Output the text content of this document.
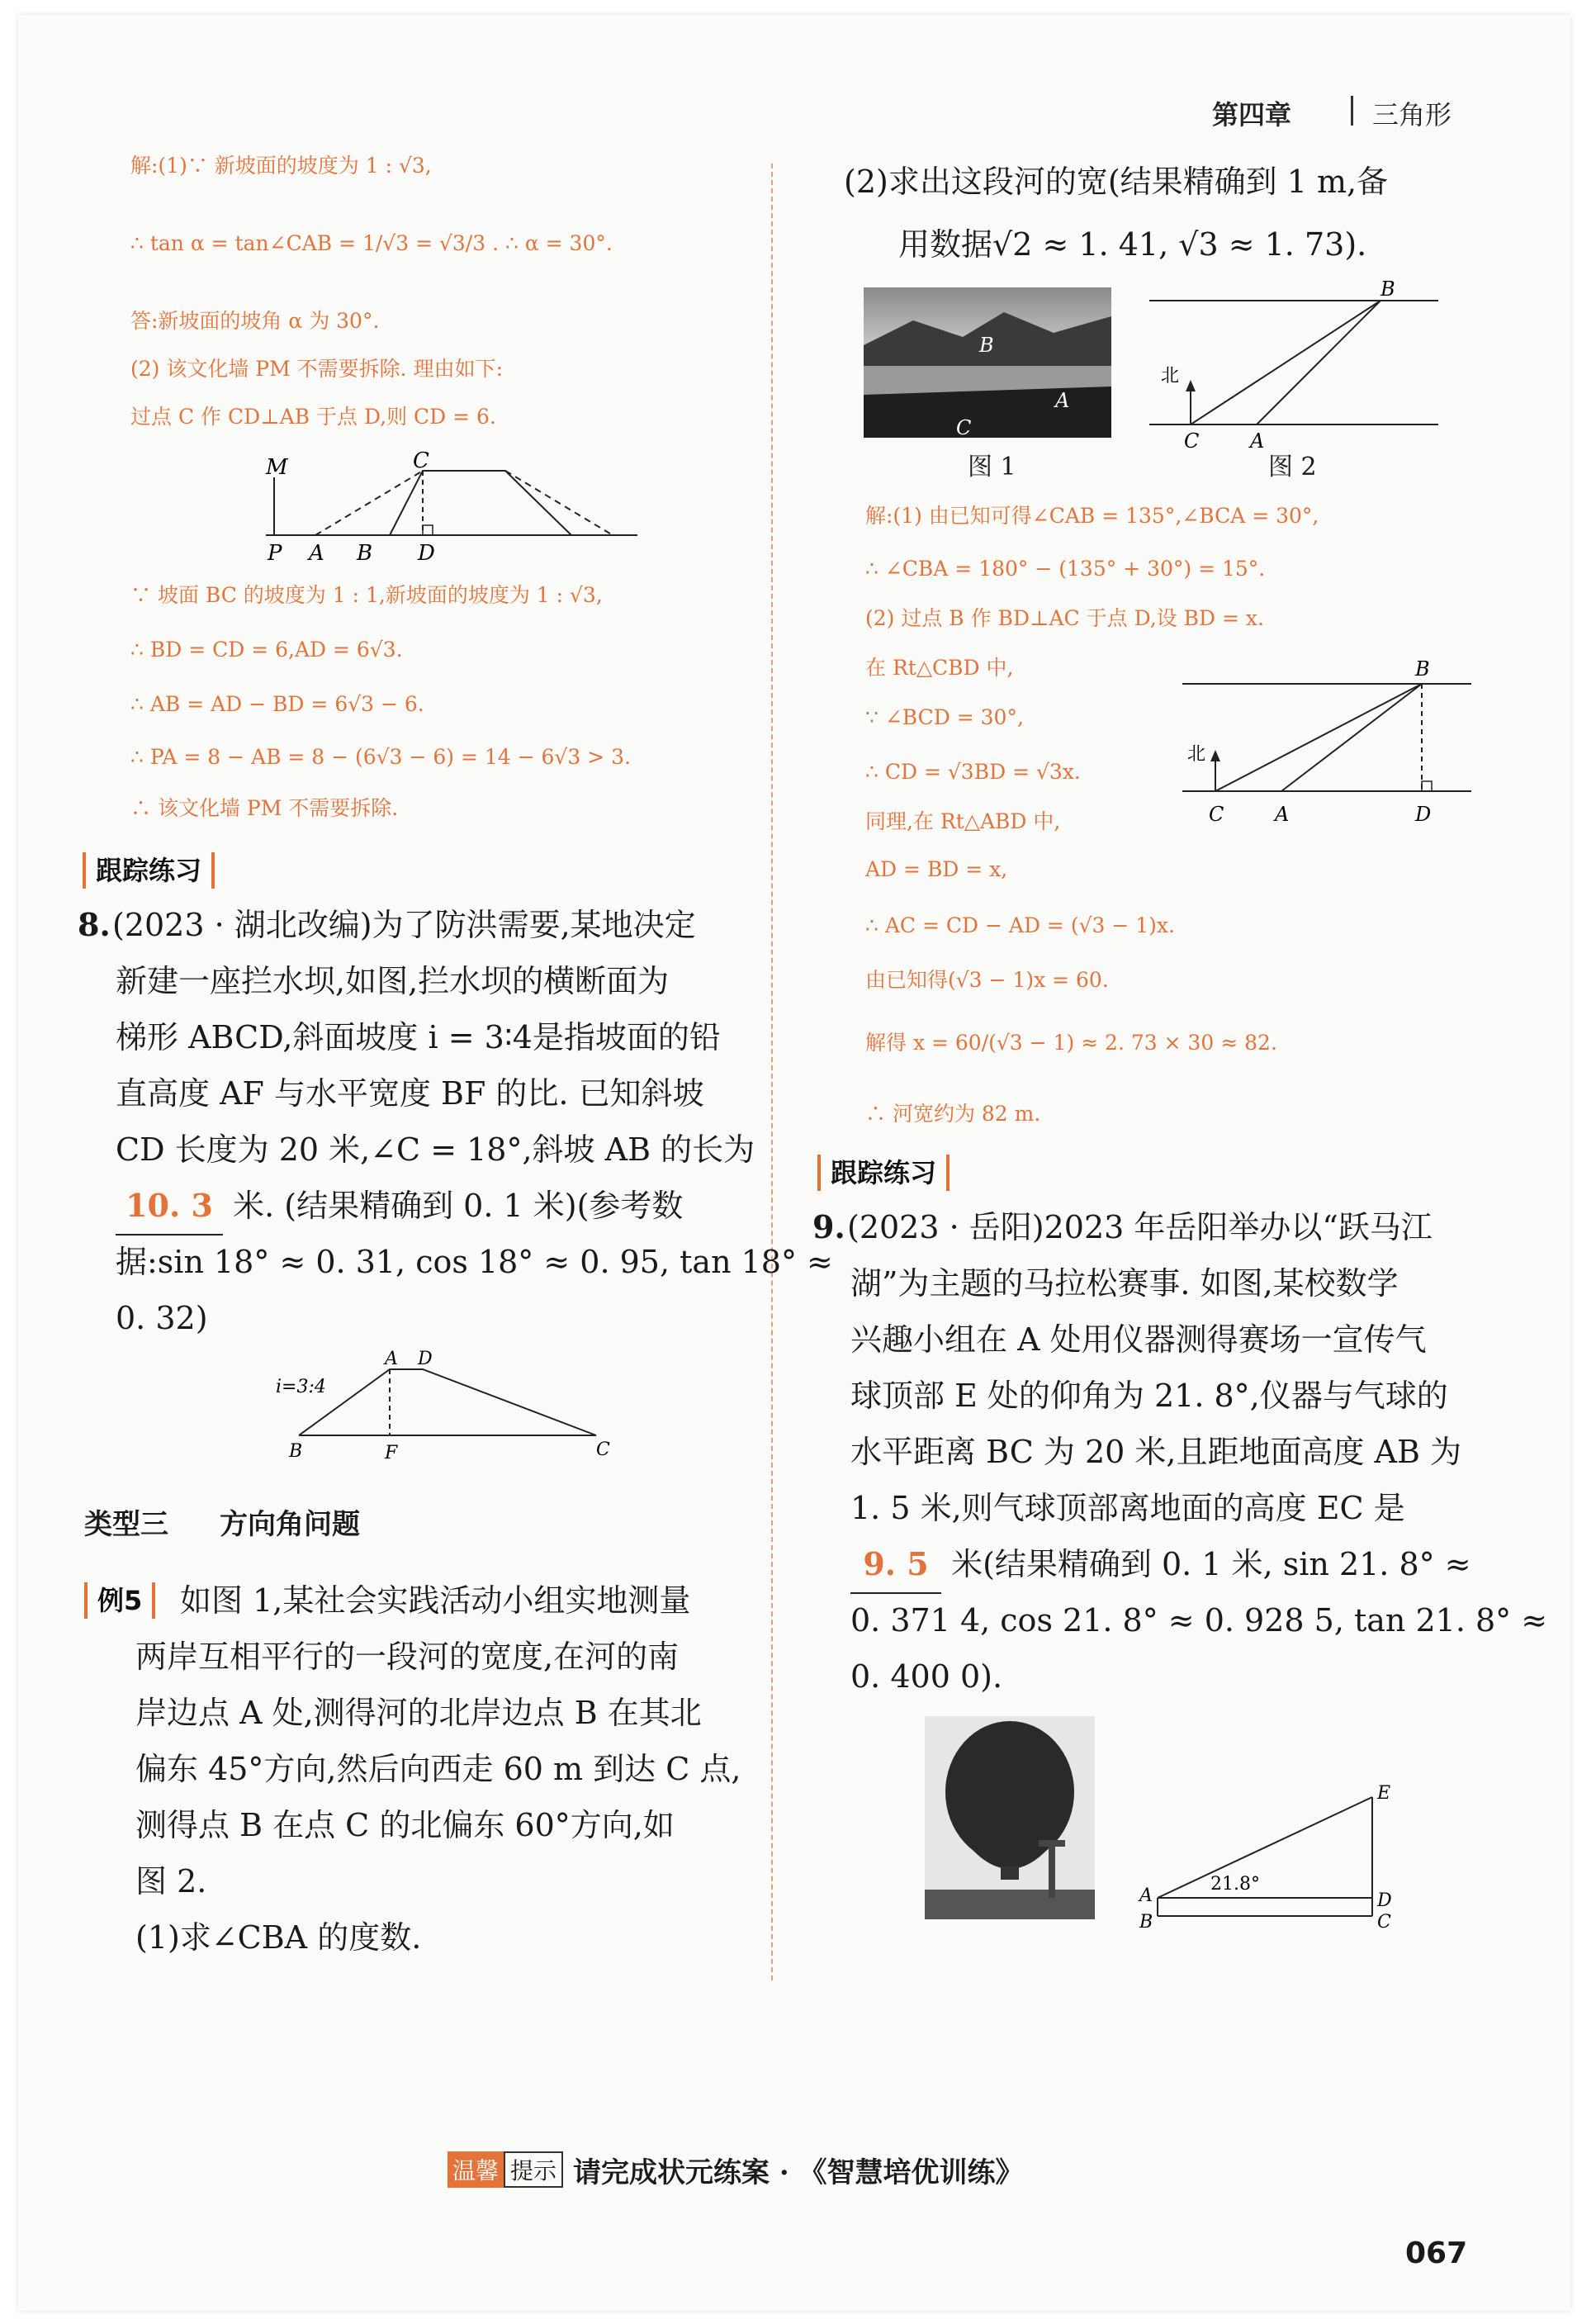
第四章	三角形
解:(1)∵ 新坡面的坡度为 1 : √3,
∴ tan α = tan∠CAB = 1/√3 = √3/3 . ∴ α = 30°.
答:新坡面的坡角 α 为 30°.
(2) 该文化墙 PM 不需要拆除. 理由如下:
过点 C 作 CD⊥AB 于点 D,则 CD = 6.
M	C
P A B D
∵ 坡面 BC 的坡度为 1 : 1,新坡面的坡度为 1 : √3,
∴ BD = CD = 6,AD = 6√3.
∴ AB = AD − BD = 6√3 − 6.
∴ PA = 8 − AB = 8 − (6√3 − 6) = 14 − 6√3 > 3.
∴ 该文化墙 PM 不需要拆除.
跟踪练习
8. (2023 · 湖北改编)为了防洪需要,某地决定
新建一座拦水坝,如图,拦水坝的横断面为
梯形 ABCD,斜面坡度 i = 3∶4是指坡面的铅
直高度 AF 与水平宽度 BF 的比. 已知斜坡
CD 长度为 20 米,∠C = 18°,斜坡 AB 的长为
10. 3 米. (结果精确到 0. 1 米)(参考数
据:sin 18° ≈ 0. 31, cos 18° ≈ 0. 95, tan 18° ≈
0. 32)
i=3:4
A D
B	F	C
类型三 方向角问题
例5	如图 1,某社会实践活动小组实地测量
两岸互相平行的一段河的宽度,在河的南
岸边点 A 处,测得河的北岸边点 B 在其北
偏东 45°方向,然后向西走 60 m 到达 C 点,
测得点 B 在点 C 的北偏东 60°方向,如
图 2.
(1)求∠CBA 的度数.
(2)求出这段河的宽(结果精确到 1 m,备
用数据√2 ≈ 1. 41, √3 ≈ 1. 73).
B
A
C
图 1
B
北
C	A
图 2
解:(1) 由已知可得∠CAB = 135°,∠BCA = 30°,
∴ ∠CBA = 180° − (135° + 30°) = 15°.
(2) 过点 B 作 BD⊥AC 于点 D,设 BD = x.
在 Rt△CBD 中,
∵ ∠BCD = 30°,
∴ CD = √3BD = √3x.
同理,在 Rt△ABD 中,
AD = BD = x,
∴ AC = CD − AD = (√3 − 1)x.
由已知得(√3 − 1)x = 60.
解得 x = 60/(√3 − 1) ≈ 2. 73 × 30 ≈ 82.
∴ 河宽约为 82 m.
B
北
C	A	D
跟踪练习
9. (2023 · 岳阳)2023 年岳阳举办以“跃马江
湖”为主题的马拉松赛事. 如图,某校数学
兴趣小组在 A 处用仪器测得赛场一宣传气
球顶部 E 处的仰角为 21. 8°,仪器与气球的
水平距离 BC 为 20 米,且距地面高度 AB 为
1. 5 米,则气球顶部离地面的高度 EC 是
9. 5 米(结果精确到 0. 1 米, sin 21. 8° ≈
0. 371 4, cos 21. 8° ≈ 0. 928 5, tan 21. 8° ≈
0. 400 0).
E
A
21.8°
D
B	C
温馨 提示 请完成状元练案 · 《智慧培优训练》
067
